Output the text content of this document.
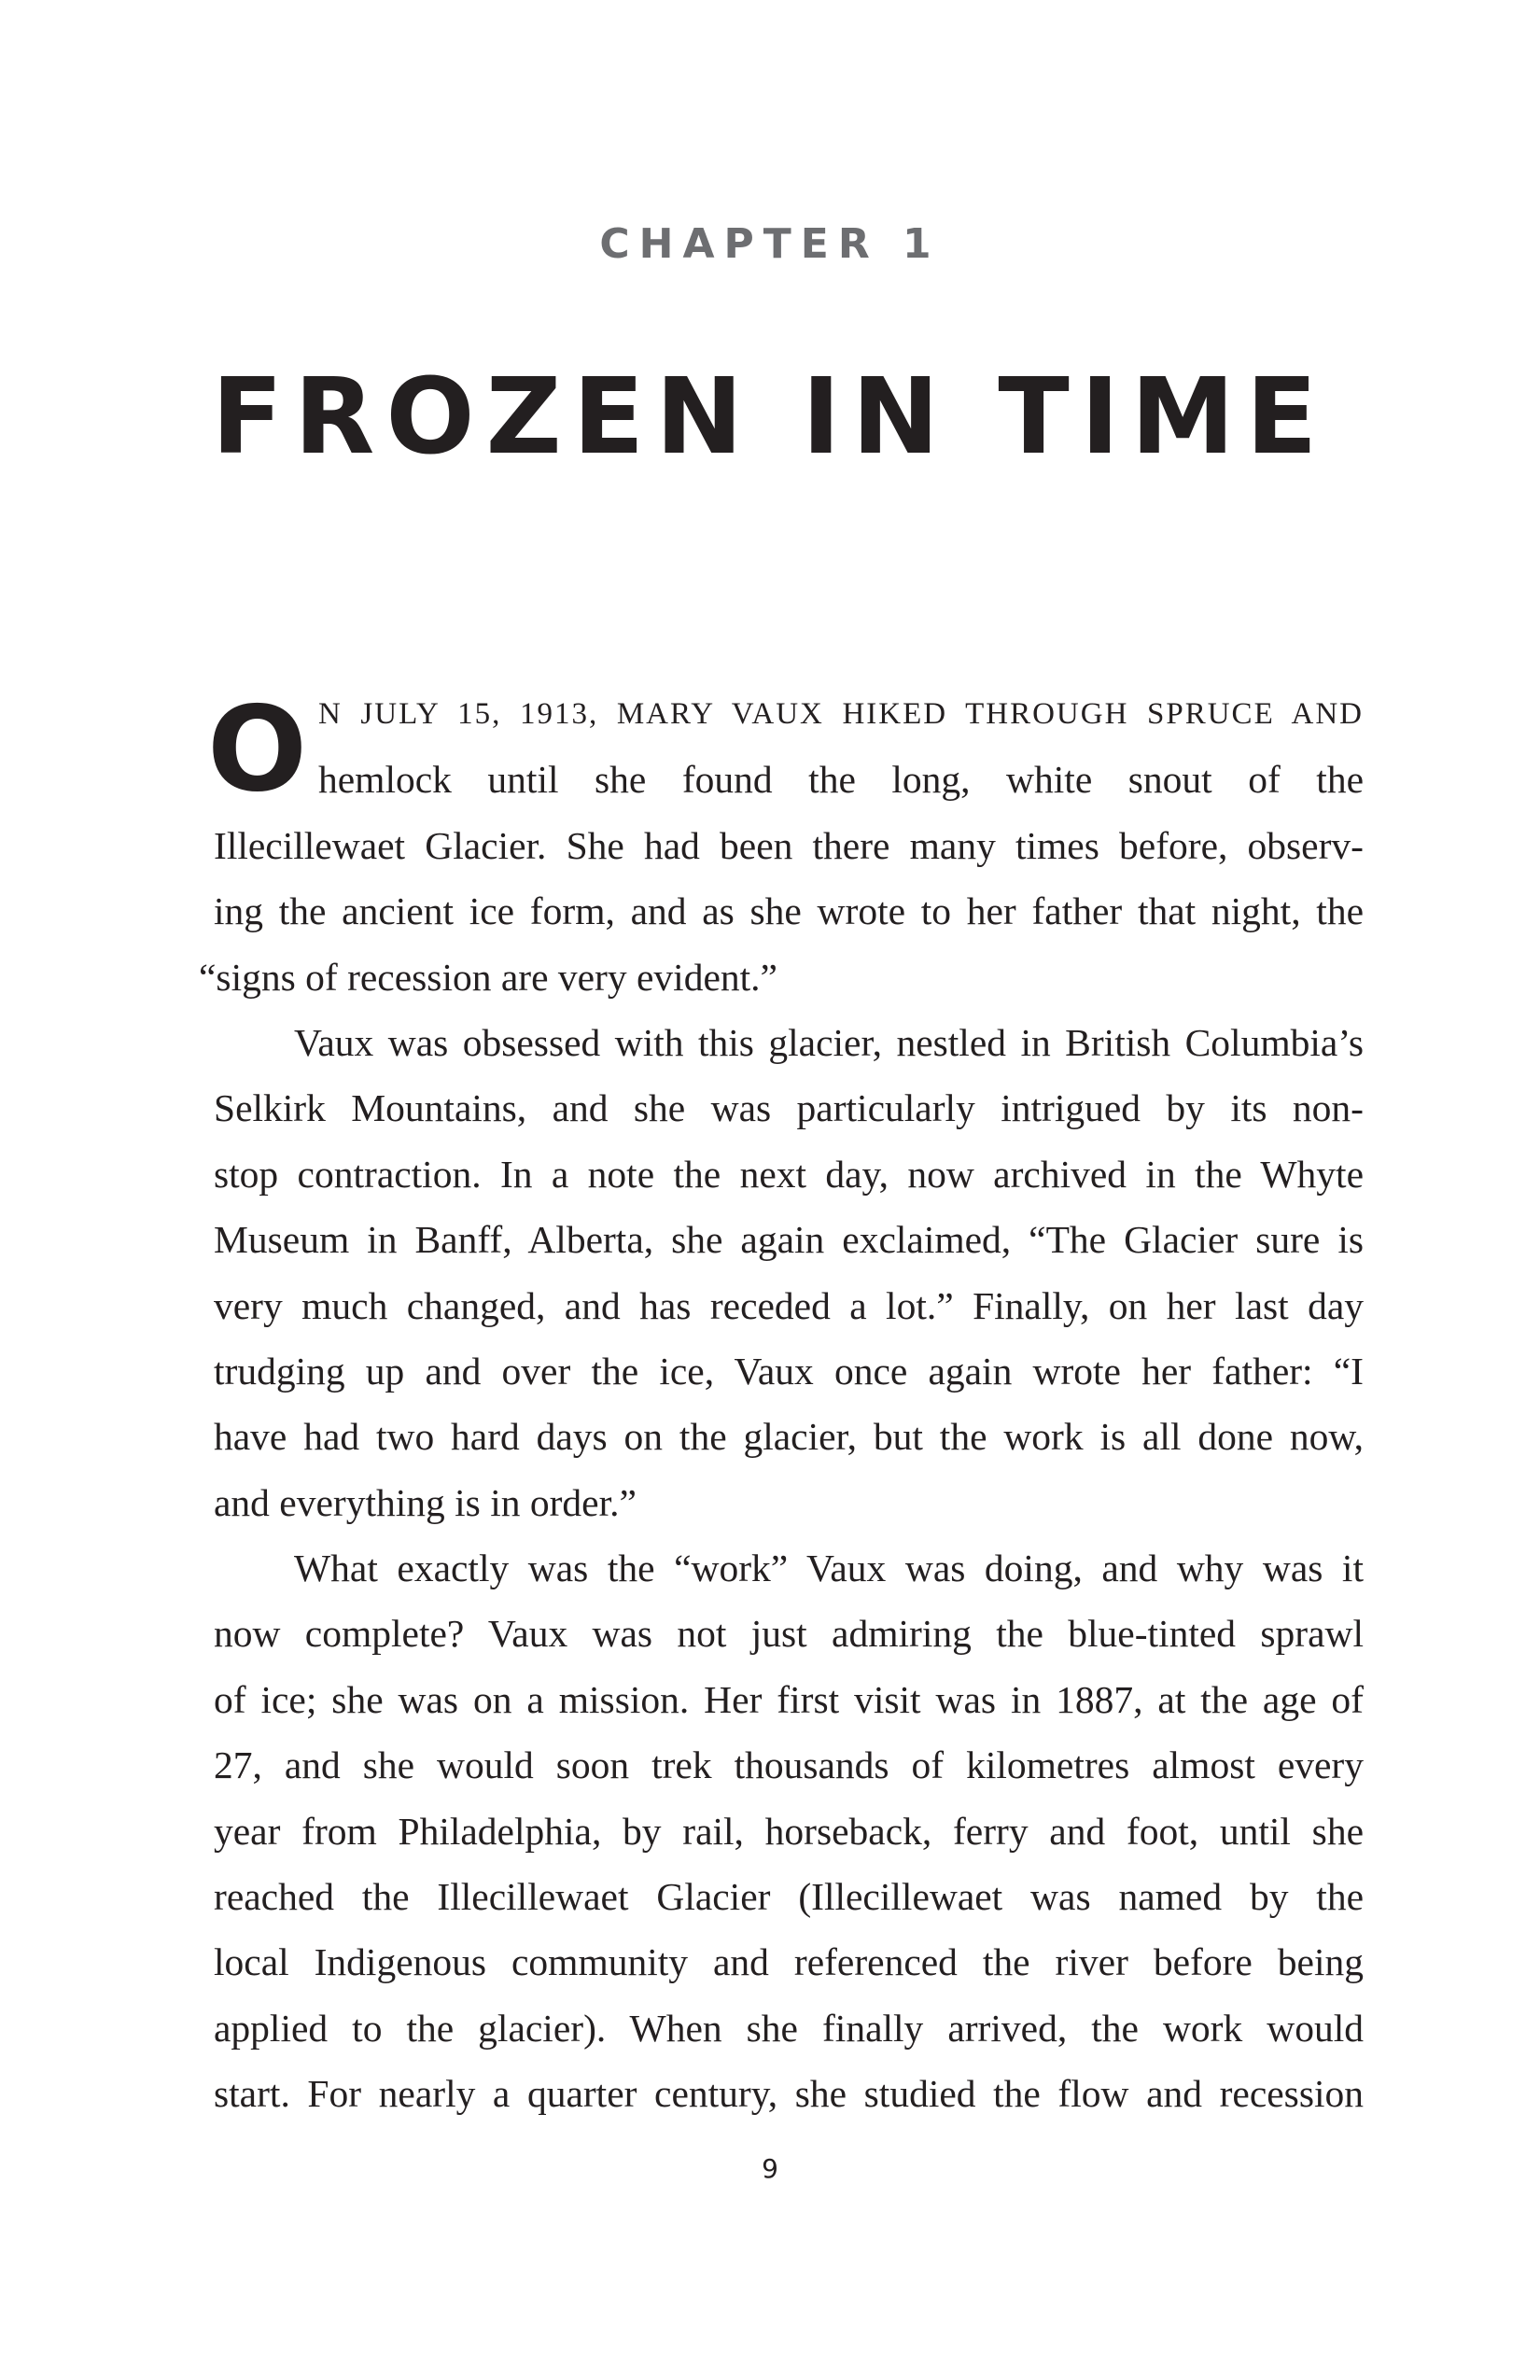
CHAPTER 1
FROZEN IN TIME
O N JULY 15, 1913, MARY VAUX HIKED THROUGH SPRUCE AND
hemlock until she found the long, white snout of the
Illecillewaet Glacier. She had been there many times before, observ-
ing the ancient ice form, and as she wrote to her father that night, the
“signs of recession are very evident.”
Vaux was obsessed with this glacier, nestled in British Columbia’s
Selkirk Mountains, and she was particularly intrigued by its non-
stop contraction. In a note the next day, now archived in the Whyte
Museum in Banff, Alberta, she again exclaimed, “The Glacier sure is
very much changed, and has receded a lot.” Finally, on her last day
trudging up and over the ice, Vaux once again wrote her father: “I
have had two hard days on the glacier, but the work is all done now,
and everything is in order.”
What exactly was the “work” Vaux was doing, and why was it
now complete? Vaux was not just admiring the blue-tinted sprawl
of ice; she was on a mission. Her first visit was in 1887, at the age of
27, and she would soon trek thousands of kilometres almost every
year from Philadelphia, by rail, horseback, ferry and foot, until she
reached the Illecillewaet Glacier (Illecillewaet was named by the
local Indigenous community and referenced the river before being
applied to the glacier). When she finally arrived, the work would
start. For nearly a quarter century, she studied the flow and recession
9
